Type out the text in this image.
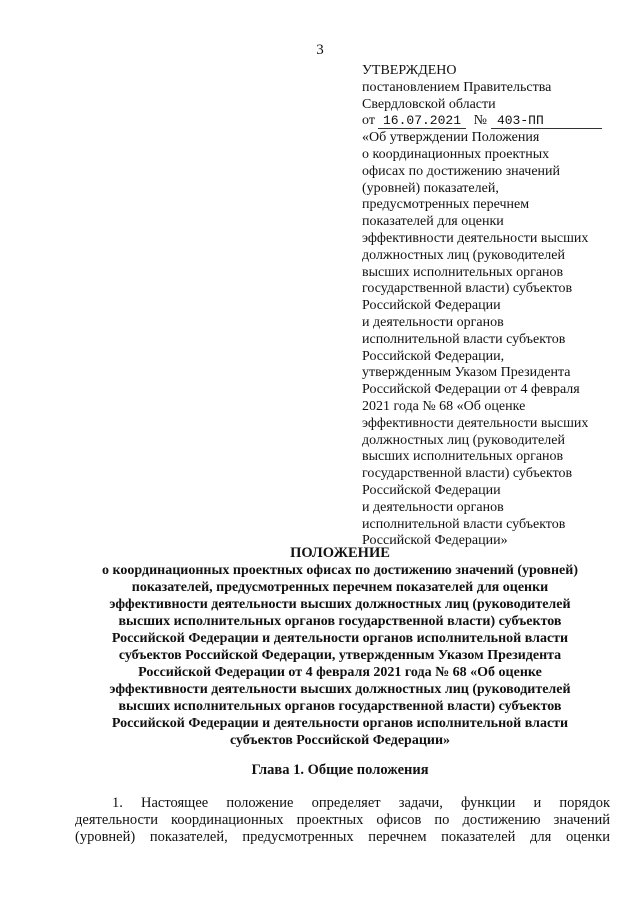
3
УТВЕРЖДЕНО
постановлением Правительства
Свердловской области
от
16.07.2021 № 403-ПП
«Об утверждении Положения
о координационных проектных
офисах по достижению значений
(уровней) показателей,
предусмотренных перечнем
показателей для оценки
эффективности деятельности высших
должностных лиц (руководителей
высших исполнительных органов
государственной власти) субъектов
Российской Федерации
и деятельности органов
исполнительной власти субъектов
Российской Федерации,
утвержденным Указом Президента
Российской Федерации от 4 февраля
2021 года № 68 «Об оценке
эффективности деятельности высших
должностных лиц (руководителей
высших исполнительных органов
государственной власти) субъектов
Российской Федерации
и деятельности органов
исполнительной власти субъектов
Российской Федерации»
ПОЛОЖЕНИЕ
о координационных проектных офисах по достижению значений (уровней)
показателей, предусмотренных перечнем показателей для оценки
эффективности деятельности высших должностных лиц (руководителей
высших исполнительных органов государственной власти) субъектов
Российской Федерации и деятельности органов исполнительной власти
субъектов Российской Федерации, утвержденным Указом Президента
Российской Федерации от 4 февраля 2021 года № 68 «Об оценке
эффективности деятельности высших должностных лиц (руководителей
высших исполнительных органов государственной власти) субъектов
Российской Федерации и деятельности органов исполнительной власти
субъектов Российской Федерации»
Глава 1. Общие положения
1. Настоящее положение определяет задачи, функции и порядок
деятельности координационных проектных офисов по достижению значений
(уровней) показателей, предусмотренных перечнем показателей для оценки
